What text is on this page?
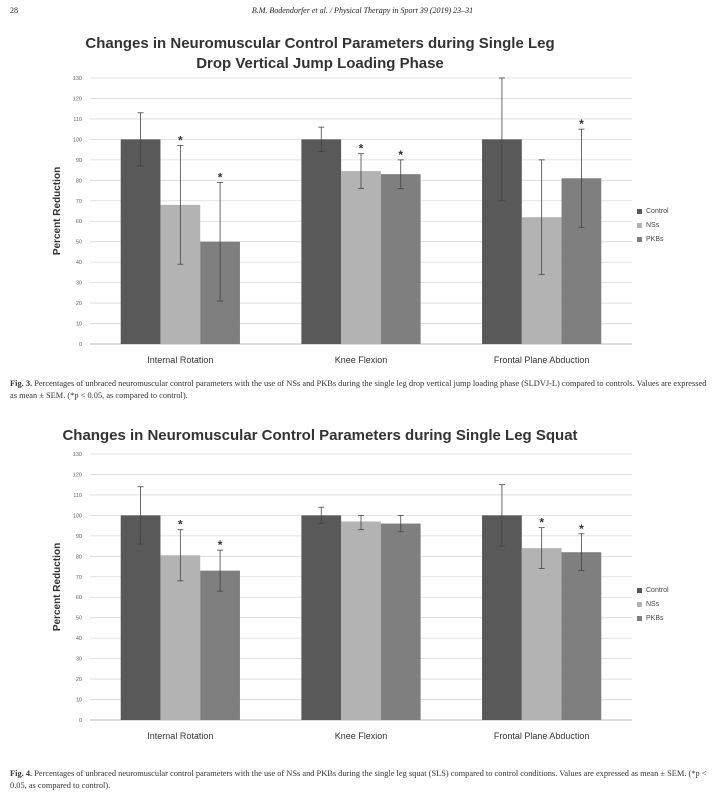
28	B.M. Bodendorfer et al. / Physical Therapy in Sport 39 (2019) 23–31
Changes in Neuromuscular Control Parameters during Single Leg
Drop Vertical Jump Loading Phase
0
10
20
30
40
50
60
70
80
90
100
110
120
130
Percent Reduction
*
*
Internal Rotation
*	*
Knee Flexion
*
Frontal Plane Abduction
Control
NSs
PKBs
Fig. 3. Percentages of unbraced neuromuscular control parameters with the use of NSs and PKBs during the single leg drop vertical jump loading phase (SLDVJ-L) compared to controls. Values are expressed as mean ± SEM. (*p < 0.05, as compared to control).
Changes in Neuromuscular Control Parameters during Single Leg Squat
0
10
20
30
40
50
60
70
80
90
100
110
120
130
Percent Reduction
*
*
Internal Rotation	Knee Flexion
*	*
Frontal Plane Abduction
Control
NSs
PKBs
Fig. 4. Percentages of unbraced neuromuscular control parameters with the use of NSs and PKBs during the single leg squat (SLS) compared to control conditions. Values are expressed as mean ± SEM. (*p < 0.05, as compared to control).
